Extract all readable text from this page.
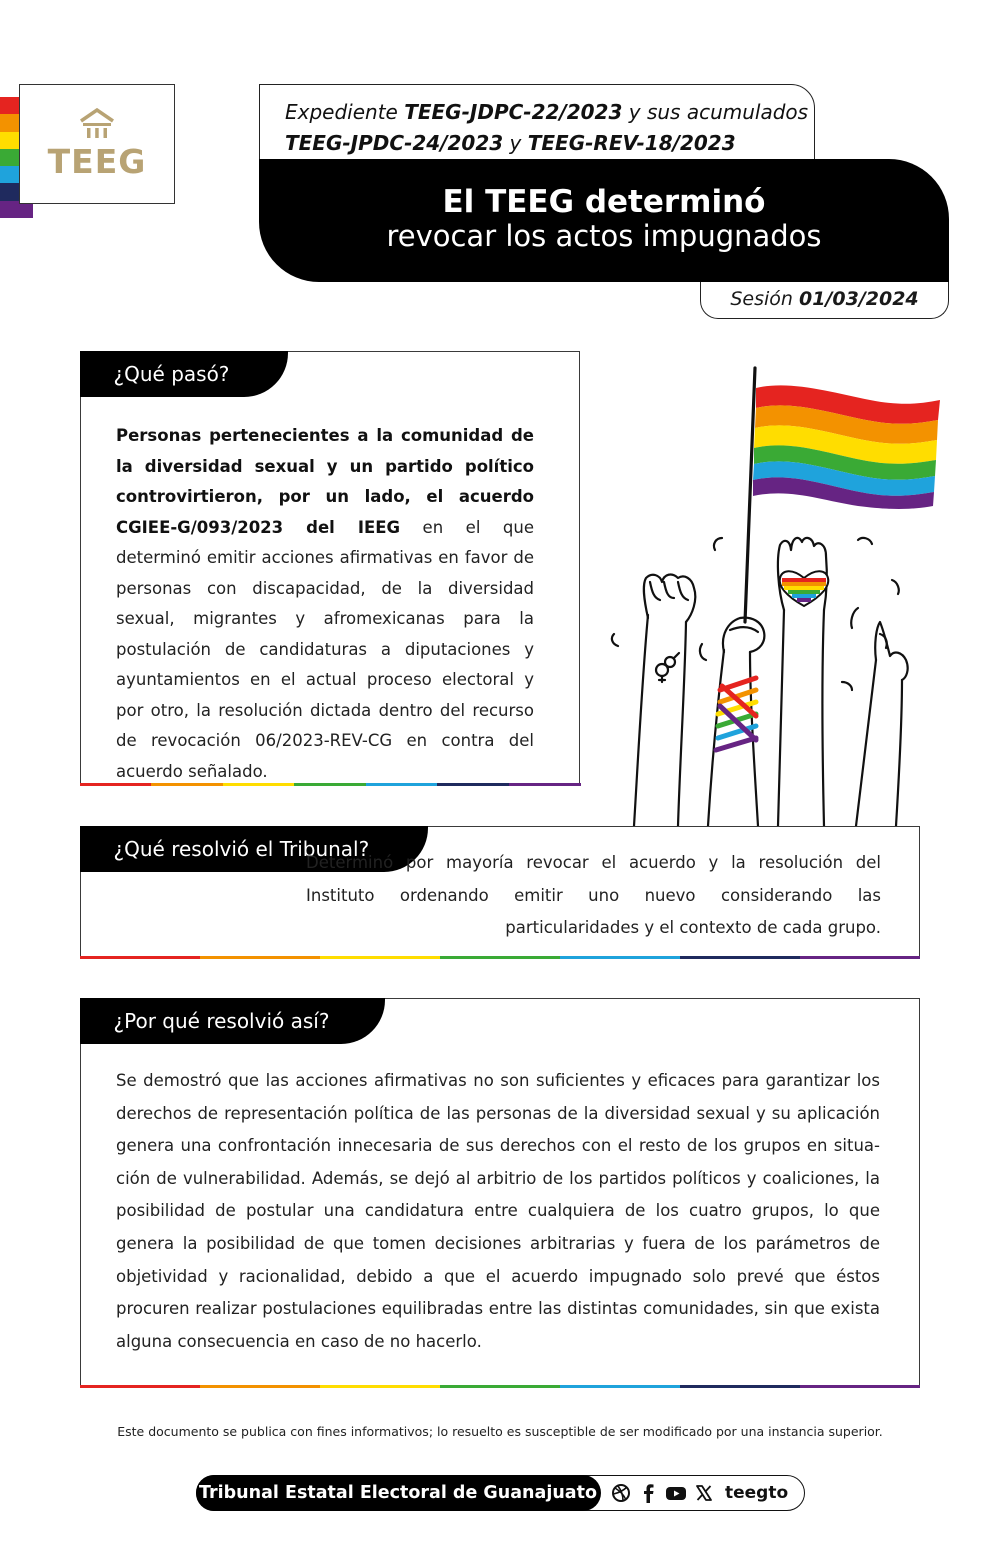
TEEG
Expediente TEEG-JDPC-22/2023 y sus acumulados
TEEG-JPDC-24/2023 y TEEG-REV-18/2023
El TEEG determinó
revocar los actos impugnados
Sesión 01/03/2024
¿Qué pasó?

Personas pertenecientes a la comunidad de la diversidad sexual y un partido político controvirtieron, por un lado, el acuerdo CGIEE-G/093/2023 del IEEG en el que determinó emitir acciones afirmativas en favor de personas con discapacidad, de la diversidad sexual, migrantes y afromexicanas para la postulación de candidaturas a diputaciones y ayuntamientos en el actual proceso electoral y por otro, la resolución dictada dentro del recurso de revocación 06/2023-REV-CG en contra del acuerdo señalado.

¿Qué resolvió el Tribunal?

Determinó por mayoría revocar el acuerdo y la resolución del Instituto ordenando emitir uno nuevo considerando las particularidades y el contexto de cada grupo.

¿Por qué resolvió así?

Se demostró que las acciones afirmativas no son suficientes y eficaces para garantizar los derechos de representación política de las personas de la diversidad sexual y su aplicación genera una confrontación innecesaria de sus derechos con el resto de los grupos en situación de vulnerabilidad. Además, se dejó al arbitrio de los partidos políticos y coaliciones, la posibilidad de postular una candidatura entre cualquiera de los cuatro grupos, lo que genera la posibilidad de que tomen decisiones arbitrarias y fuera de los parámetros de objetividad y racionalidad, debido a que el acuerdo impugnado solo prevé que éstos procuren realizar postulaciones equilibradas entre las distintas comunidades, sin que exista alguna consecuencia en caso de no hacerlo.

Este documento se publica con fines informativos; lo resuelto es susceptible de ser modificado por una instancia superior.
Tribunal Estatal Electoral de Guanajuato	teegto
